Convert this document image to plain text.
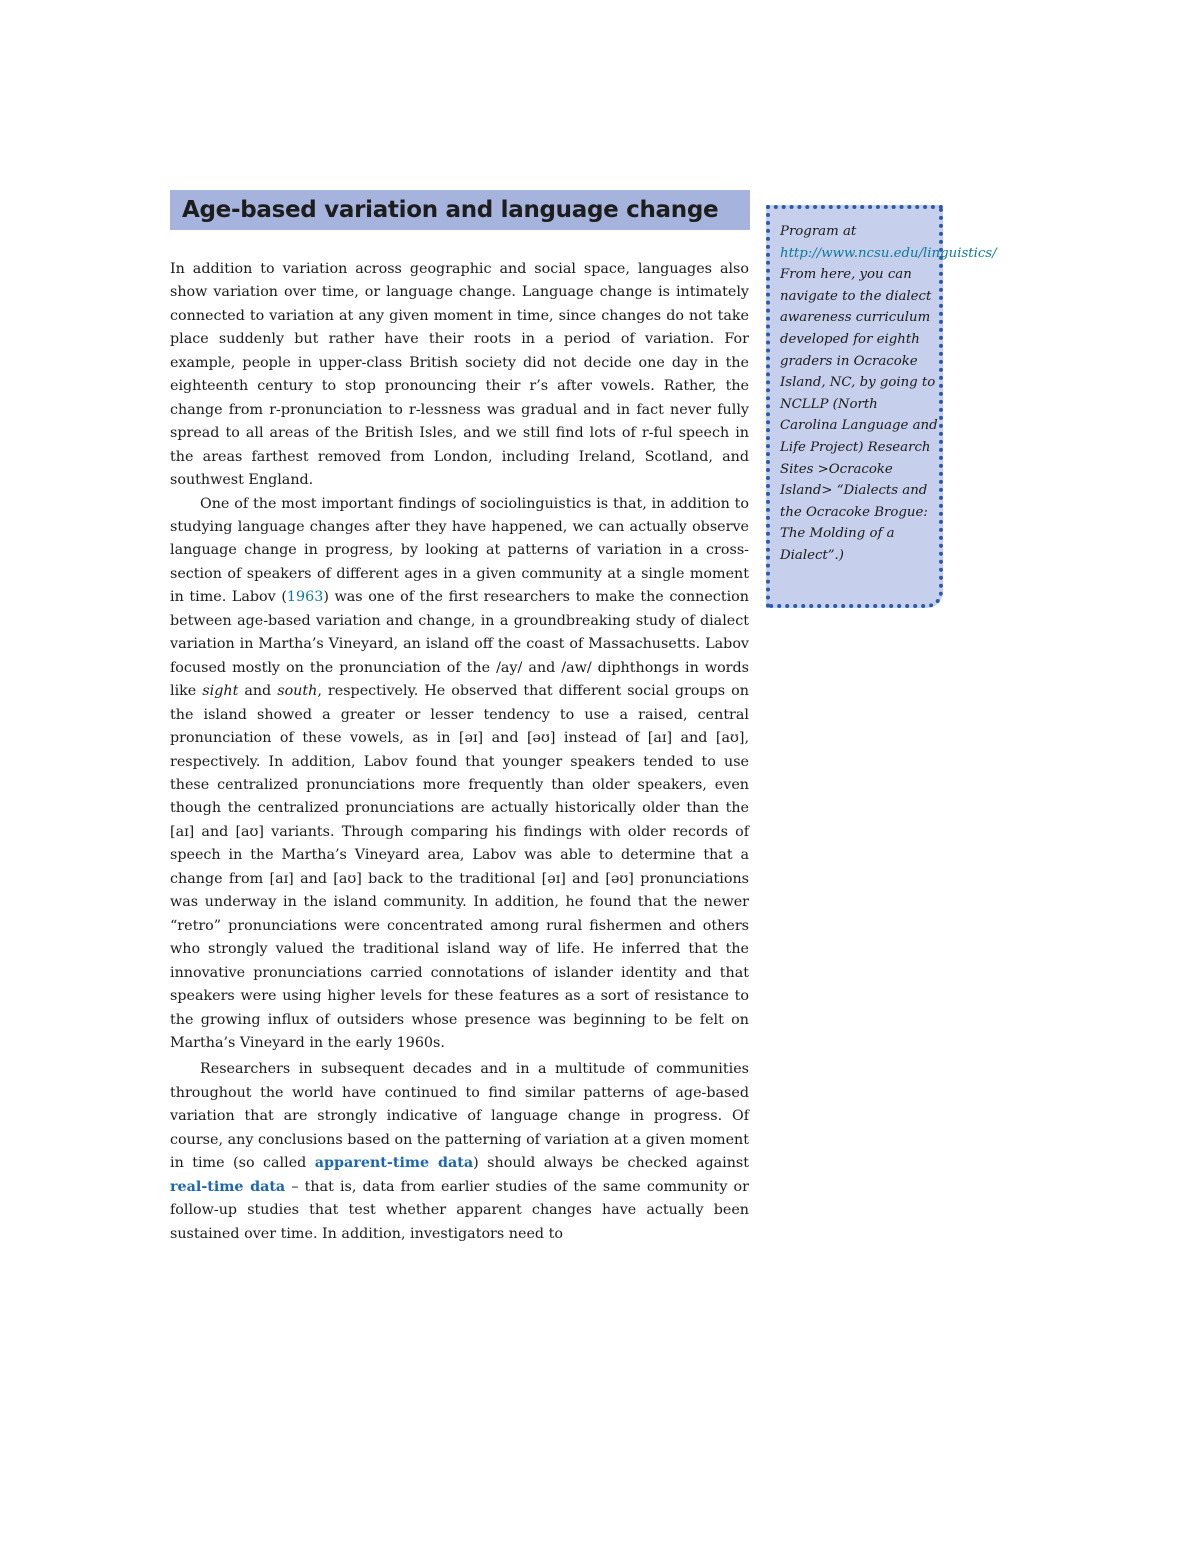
Age-based variation and language change

In addition to variation across geographic and social space, languages also show variation over time, or language change. Language change is intimately connected to variation at any given moment in time, since changes do not take place suddenly but rather have their roots in a period of variation. For example, people in upper-class British society did not decide one day in the eighteenth century to stop pronouncing their r’s after vowels. Rather, the change from r-pronunciation to r-lessness was gradual and in fact never fully spread to all areas of the British Isles, and we still find lots of r-ful speech in the areas farthest removed from London, including Ireland, Scotland, and southwest England.

One of the most important findings of sociolinguistics is that, in addition to studying language changes after they have happened, we can actually observe language change in progress, by looking at patterns of variation in a cross-section of speakers of different ages in a given community at a single moment in time. Labov (1963) was one of the first researchers to make the connection between age-based variation and change, in a groundbreaking study of dialect variation in Martha’s Vineyard, an island off the coast of Massachusetts. Labov focused mostly on the pronunciation of the /ay/ and /aw/ diphthongs in words like sight and south, respectively. He observed that different social groups on the island showed a greater or lesser tendency to use a raised, central pronunciation of these vowels, as in [əɪ] and [əʊ] instead of [aɪ] and [aʊ], respectively. In addition, Labov found that younger speakers tended to use these centralized pronunciations more frequently than older speakers, even though the centralized pronunciations are actually historically older than the [aɪ] and [aʊ] variants. Through comparing his findings with older records of speech in the Martha’s Vineyard area, Labov was able to determine that a change from [aɪ] and [aʊ] back to the traditional [əɪ] and [əʊ] pronunciations was underway in the island community. In addition, he found that the newer “retro” pronunciations were concentrated among rural fishermen and others who strongly valued the traditional island way of life. He inferred that the innovative pronunciations carried connotations of islander identity and that speakers were using higher levels for these features as a sort of resistance to the growing influx of outsiders whose presence was beginning to be felt on Martha’s Vineyard in the early 1960s.

Researchers in subsequent decades and in a multitude of communities throughout the world have continued to find similar patterns of age-based variation that are strongly indicative of language change in progress. Of course, any conclusions based on the patterning of variation at a given moment in time (so called apparent-time data) should always be checked against real-time data – that is, data from earlier studies of the same community or follow-up studies that test whether apparent changes have actually been sustained over time. In addition, investigators need to

Program at

http://www.ncsu.edu/linguistics/

From here, you can navigate to the dialect awareness curriculum developed for eighth graders in Ocracoke Island, NC, by going to NCLLP (North Carolina Language and Life Project) Research Sites >Ocracoke Island> “Dialects and the Ocracoke Brogue: The Molding of a Dialect”.)
